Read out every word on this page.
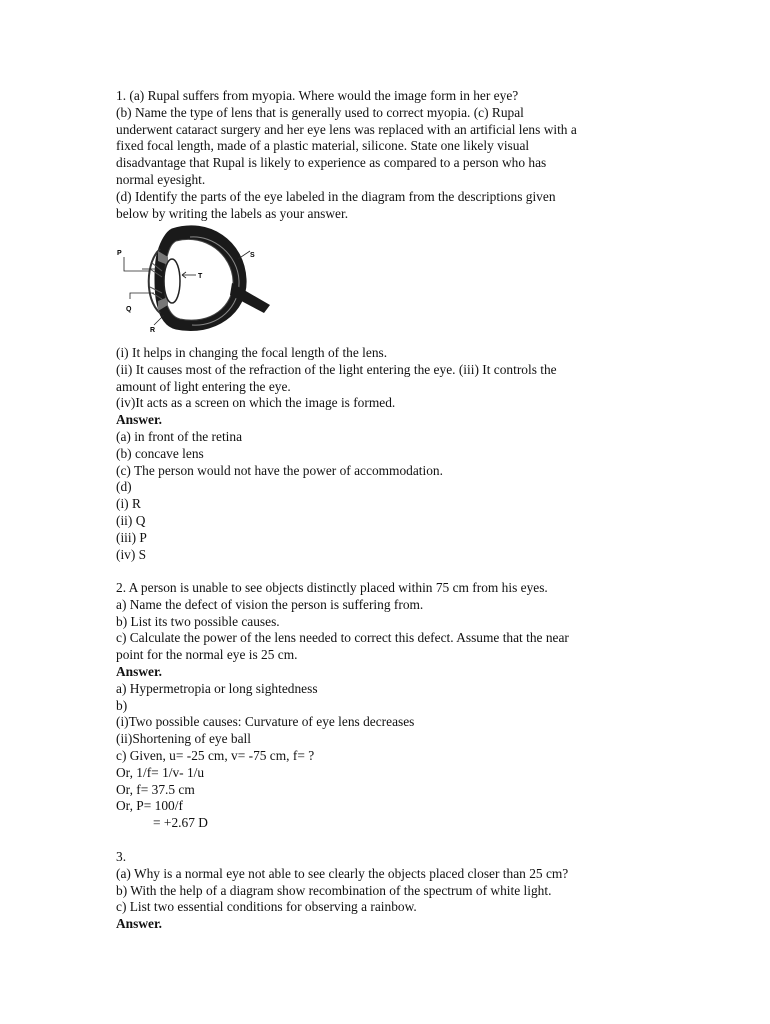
1. (a) Rupal suffers from myopia. Where would the image form in her eye?
(b) Name the type of lens that is generally used to correct myopia. (c) Rupal
underwent cataract surgery and her eye lens was replaced with an artificial lens with a
fixed focal length, made of a plastic material, silicone. State one likely visual
disadvantage that Rupal is likely to experience as compared to a person who has
normal eyesight.
(d) Identify the parts of the eye labeled in the diagram from the descriptions given
below by writing the labels as your answer.
P
Q
R
S
T
(i) It helps in changing the focal length of the lens.
(ii) It causes most of the refraction of the light entering the eye. (iii) It controls the
amount of light entering the eye.
(iv)It acts as a screen on which the image is formed.
Answer.
(a) in front of the retina
(b) concave lens
(c) The person would not have the power of accommodation.
(d)
(i) R
(ii) Q
(iii) P
(iv) S
2. A person is unable to see objects distinctly placed within 75 cm from his eyes.
a) Name the defect of vision the person is suffering from.
b) List its two possible causes.
c) Calculate the power of the lens needed to correct this defect. Assume that the near
point for the normal eye is 25 cm.
Answer.
a) Hypermetropia or long sightedness
b)
(i)Two possible causes: Curvature of eye lens decreases
(ii)Shortening of eye ball
c) Given, u= -25 cm, v= -75 cm, f= ?
Or, 1/f= 1/v- 1/u
Or, f= 37.5 cm
Or, P= 100/f
= +2.67 D
3.
(a) Why is a normal eye not able to see clearly the objects placed closer than 25 cm?
b) With the help of a diagram show recombination of the spectrum of white light.
c) List two essential conditions for observing a rainbow.
Answer.
